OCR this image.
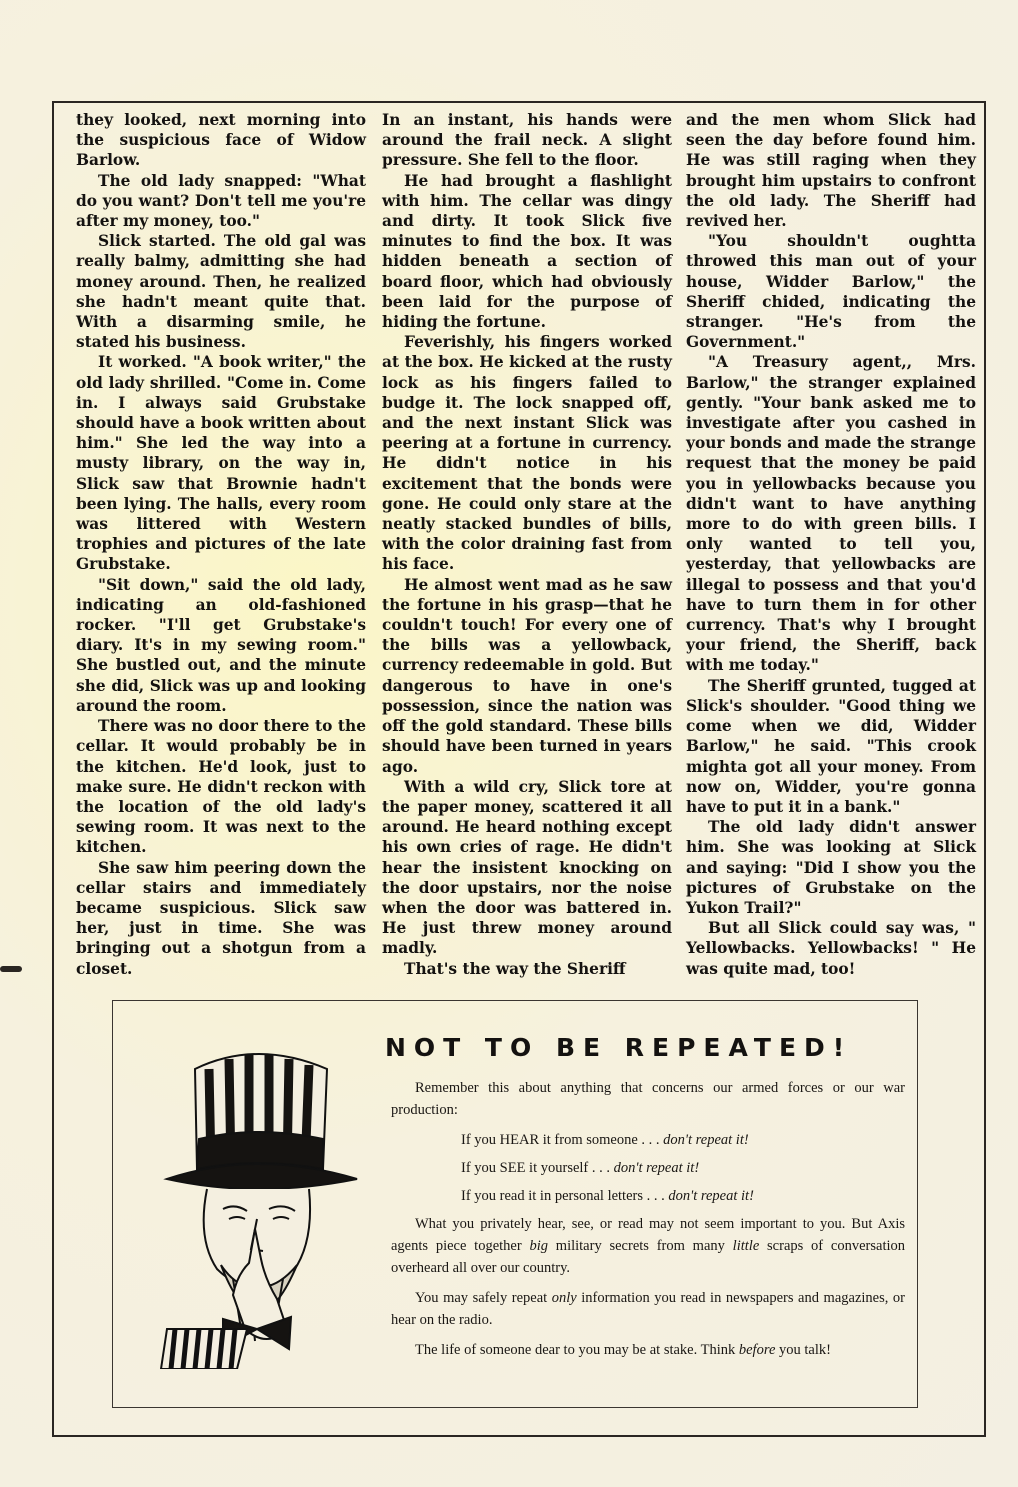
they looked, next morning into the suspicious face of Widow Barlow.

The old lady snapped: "What do you want? Don't tell me you're after my money, too."

Slick started. The old gal was really balmy, admitting she had money around. Then, he realized she hadn't meant quite that. With a disarming smile, he stated his business.

It worked. "A book writer," the old lady shrilled. "Come in. Come in. I always said Grubstake should have a book written about him." She led the way into a musty library, on the way in, Slick saw that Brownie hadn't been lying. The halls, every room was littered with Western trophies and pictures of the late Grubstake.

"Sit down," said the old lady, indicating an old-fashioned rocker. "I'll get Grubstake's diary. It's in my sewing room." She bustled out, and the minute she did, Slick was up and looking around the room.

There was no door there to the cellar. It would probably be in the kitchen. He'd look, just to make sure. He didn't reckon with the location of the old lady's sewing room. It was next to the kitchen.

She saw him peering down the cellar stairs and immediately became suspicious. Slick saw her, just in time. She was bringing out a shotgun from a closet.

In an instant, his hands were around the frail neck. A slight pressure. She fell to the floor.

He had brought a flashlight with him. The cellar was dingy and dirty. It took Slick five minutes to find the box. It was hidden beneath a section of board floor, which had obviously been laid for the purpose of hiding the fortune.

Feverishly, his fingers worked at the box. He kicked at the rusty lock as his fingers failed to budge it. The lock snapped off, and the next instant Slick was peering at a fortune in currency. He didn't notice in his excitement that the bonds were gone. He could only stare at the neatly stacked bundles of bills, with the color draining fast from his face.

He almost went mad as he saw the fortune in his grasp—that he couldn't touch! For every one of the bills was a yellowback, currency redeemable in gold. But dangerous to have in one's possession, since the nation was off the gold standard. These bills should have been turned in years ago.

With a wild cry, Slick tore at the paper money, scattered it all around. He heard nothing except his own cries of rage. He didn't hear the insistent knocking on the door upstairs, nor the noise when the door was battered in. He just threw money around madly.

That's the way the Sheriff

and the men whom Slick had seen the day before found him. He was still raging when they brought him upstairs to confront the old lady. The Sheriff had revived her.

"You shouldn't oughtta throwed this man out of your house, Widder Barlow," the Sheriff chided, indicating the stranger. "He's from the Government."

"A Treasury agent,, Mrs. Barlow," the stranger explained gently. "Your bank asked me to investigate after you cashed in your bonds and made the strange request that the money be paid you in yellowbacks because you didn't want to have anything more to do with green bills. I only wanted to tell you, yesterday, that yellowbacks are illegal to possess and that you'd have to turn them in for other currency. That's why I brought your friend, the Sheriff, back with me today."

The Sheriff grunted, tugged at Slick's shoulder. "Good thing we come when we did, Widder Barlow," he said. "This crook mighta got all your money. From now on, Widder, you're gonna have to put it in a bank."

The old lady didn't answer him. She was looking at Slick and saying: "Did I show you the pictures of Grubstake on the Yukon Trail?"

But all Slick could say was, " Yellowbacks. Yellowbacks! " He was quite mad, too!

NOT TO BE REPEATED!

Remember this about anything that concerns our armed forces or our war production:

If you HEAR it from someone . . . don't repeat it!

If you SEE it yourself . . . don't repeat it!

If you read it in personal letters . . . don't repeat it!

What you privately hear, see, or read may not seem important to you. But Axis agents piece together big military secrets from many little scraps of conversation overheard all over our country.

You may safely repeat only information you read in newspapers and magazines, or hear on the radio.

The life of someone dear to you may be at stake. Think before you talk!
